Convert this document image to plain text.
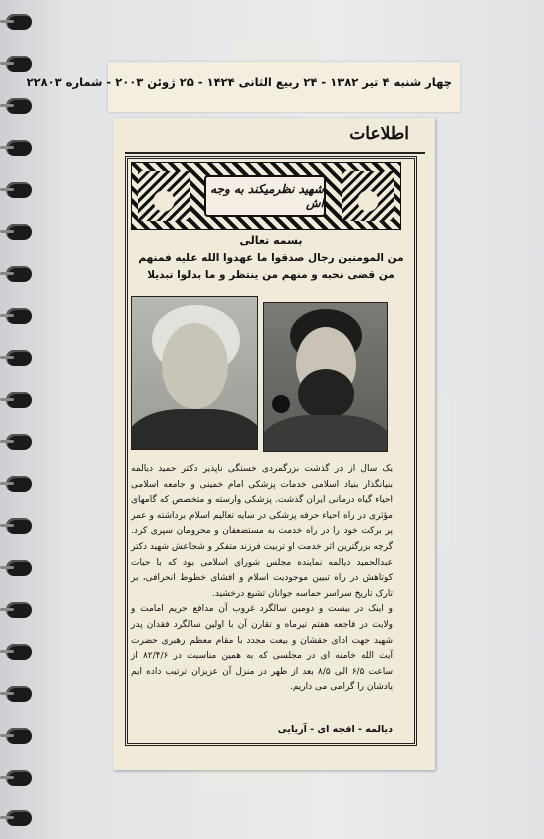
چهار شنبه ۴ تیر ۱۳۸۲ - ۲۴ ربیع الثانی ۱۴۲۴ - ۲۵ ژوئن ۲۰۰۳ - شماره ۲۲۸۰۳
اطلاعات
شهید نظرمیکند به وجه اش
بسمه تعالی
من المومنین رجال صدقوا ما عهدوا الله علیه فمنهم من قضی نحبه و منهم من ینتظر و ما بدلوا تبدیلا

یک سال از در گذشت بزرگمردی خستگی ناپذیر دکتر حمید دیالمه بنیانگذار بنیاد اسلامی خدمات پزشکی امام خمینی و جامعه اسلامی احیاء گیاه درمانی ایران گذشت. پزشکی وارسته و متخصص که گامهای مؤثری در راه احیاء حرفه پزشکی در سایه تعالیم اسلام برداشته و عمر پر برکت خود را در راه خدمت به مستضعفان و محرومان سپری کرد. گرچه بزرگترین اثر خدمت او تربیت فرزند متفکر و شجاعش شهید دکتر عبدالحمید دیالمه نماینده مجلس شورای اسلامی بود که با حیات کوتاهش در راه تبیین موجودیت اسلام و افشای خطوط انحرافی، بر تارک تاریخ سراسر حماسه جوانان تشیع درخشید.

و اینک در بیست و دومین سالگرد غروب آن مدافع حریم امامت و ولایت در فاجعه هفتم تیرماه و تقارن آن با اولین سالگرد فقدان پدر شهید جهت ادای حقشان و بیعت مجدد با مقام معظم رهبری حضرت آیت الله خامنه ای در مجلسی که به همین مناسبت در ۸۲/۴/۶ از ساعت ۶/۵ الی ۸/۵ بعد از ظهر در منزل آن عزیزان ترتیب داده ایم یادشان را گرامی می داریم.

دیالمه - افجه ای - آریایی
